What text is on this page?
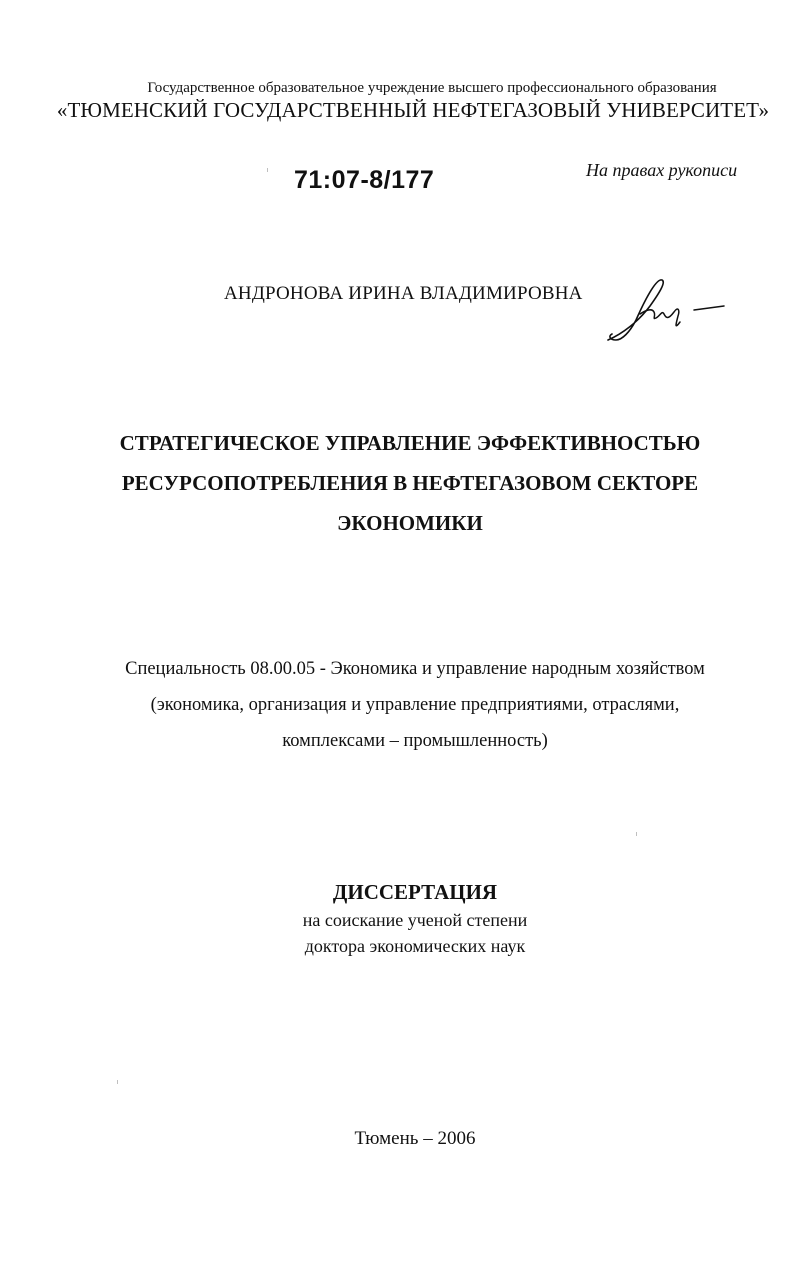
Государственное образовательное учреждение высшего профессионального образования
«ТЮМЕНСКИЙ ГОСУДАРСТВЕННЫЙ НЕФТЕГАЗОВЫЙ УНИВЕРСИТЕТ»
71:07-8/177	На правах рукописи
АНДРОНОВА ИРИНА ВЛАДИМИРОВНА
СТРАТЕГИЧЕСКОЕ УПРАВЛЕНИЕ ЭФФЕКТИВНОСТЬЮ
РЕСУРСОПОТРЕБЛЕНИЯ В НЕФТЕГАЗОВОМ СЕКТОРЕ
ЭКОНОМИКИ
Специальность 08.00.05 - Экономика и управление народным хозяйством
(экономика, организация и управление предприятиями, отраслями,
комплексами – промышленность)
ДИССЕРТАЦИЯ
на соискание ученой степени
доктора экономических наук
Тюмень – 2006
